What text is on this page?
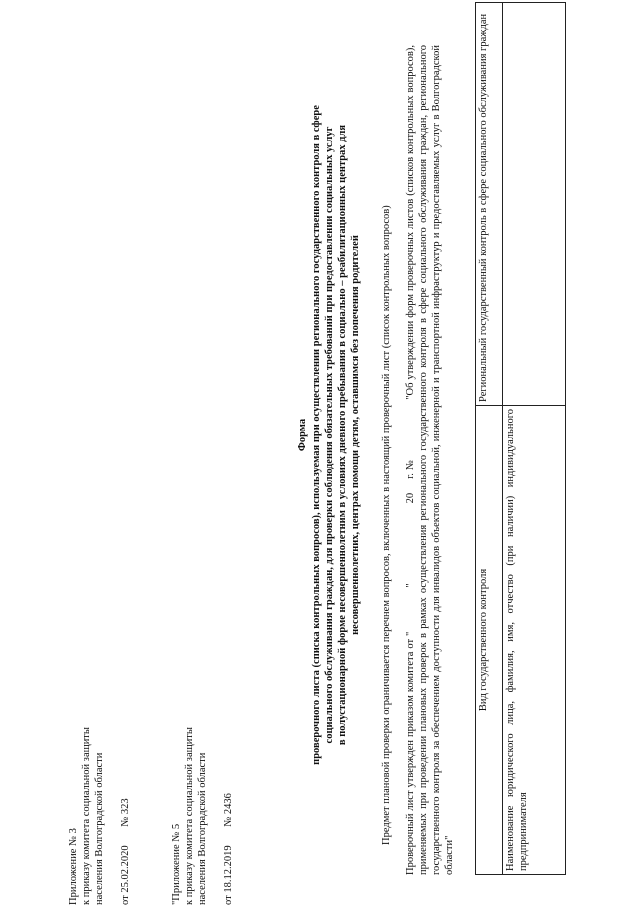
Приложение № 3 к приказу комитета социальной защиты населения Волгоградской области от 25.02.2020 № 323
"Приложение № 5 к приказу комитета социальной защиты населения Волгоградской области от 18.12.2019 № 2436
Форма проверочного листа (списка контрольных вопросов), используемая при осуществлении регионального государственного контроля в сфере социального обслуживания граждан, для проверки соблюдения обязательных требований при предоставлении социальных услуг в полустационарной форме несовершеннолетним в условиях дневного пребывания в социально – реабилитационных центрах для несовершеннолетних, центрах помощи детям, оставшимся без попечения родителей Предмет плановой проверки ограничивается перечнем вопросов, включенных в настоящий проверочный лист (список контрольных вопросов) Проверочный лист утвержден приказом комитета от ""20г. №"Об утверждении форм проверочных листов (списков контрольных вопросов), применяемых при проведении плановых проверок в рамках осуществления регионального государственного контроля в сфере социального обслуживания граждан, регионального государственного контроля за обеспечением доступности для инвалидов объектов социальной, инженерной и транспортной инфраструктур и предоставляемых услуг в Волгоградской области"
Вид государственного контроля	Региональный государственный контроль в сфере социального обслуживания граждан
Наименование юридического лица, фамилия, имя, отчество (при наличии) индивидуального предпринимателя	
